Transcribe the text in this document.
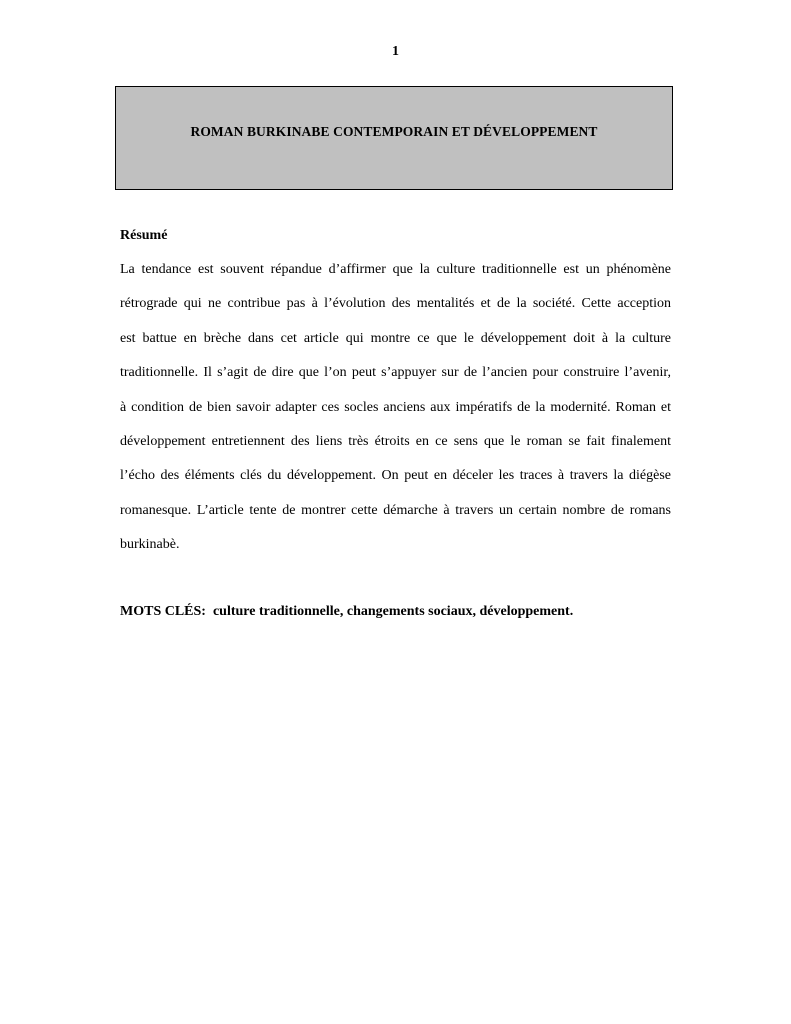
1
ROMAN BURKINABE CONTEMPORAIN ET DÉVELOPPEMENT
Résumé
La tendance est souvent répandue d’affirmer que la culture traditionnelle est un phénomène
rétrograde qui ne contribue pas à l’évolution des mentalités et de la société. Cette acception
est battue en brèche dans cet article qui montre ce que le développement doit à la culture
traditionnelle. Il s’agit de dire que l’on peut s’appuyer sur de l’ancien pour construire l’avenir,
à condition de bien savoir adapter ces socles anciens aux impératifs de la modernité. Roman et
développement entretiennent des liens très étroits en ce sens que le roman se fait finalement
l’écho des éléments clés du développement. On peut en déceler les traces à travers la diégèse
romanesque. L’article tente de montrer cette démarche à travers un certain nombre de romans
burkinabè.
MOTS CLÉS: culture traditionnelle, changements sociaux, développement.
